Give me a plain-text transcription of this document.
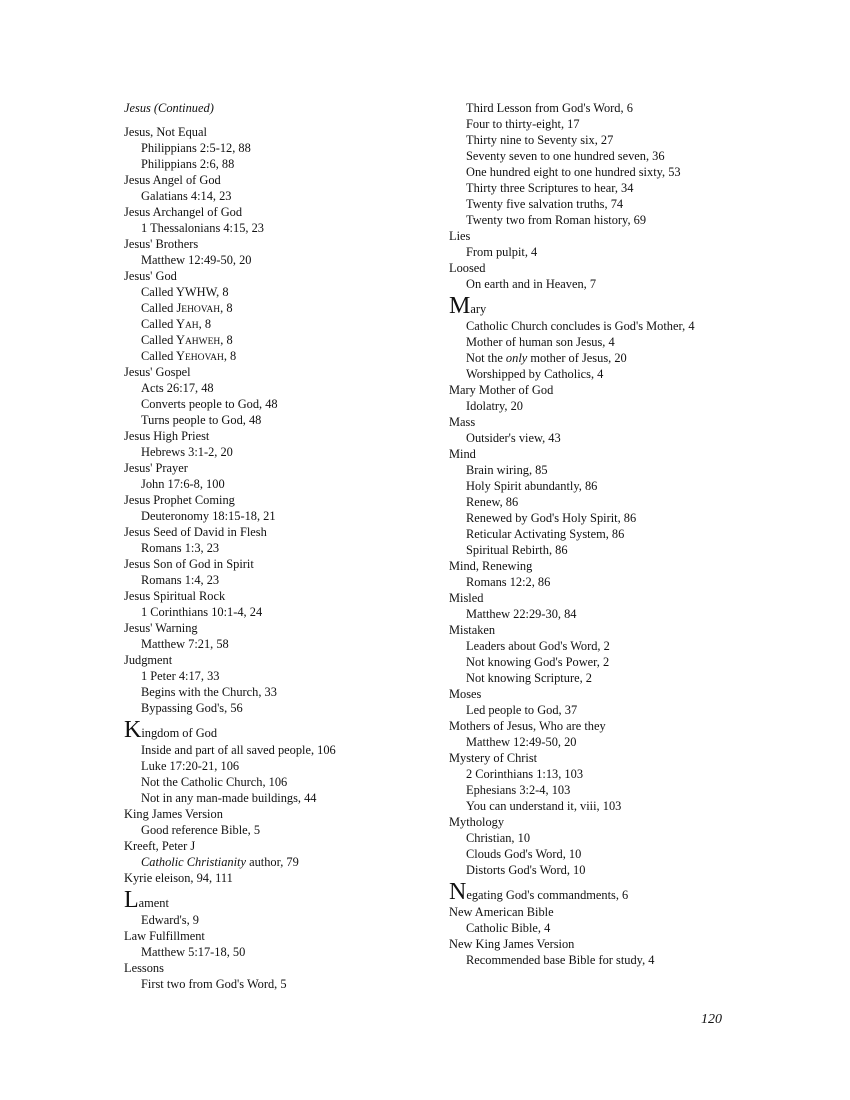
Jesus (Continued)
Jesus, Not Equal
Philippians 2:5-12, 88
Philippians 2:6, 88
Jesus Angel of God
Galatians 4:14, 23
Jesus Archangel of God
1 Thessalonians 4:15, 23
Jesus' Brothers
Matthew 12:49-50, 20
Jesus' God
Called YWHW, 8
Called JEHOVAH, 8
Called YAH, 8
Called YAHWEH, 8
Called YEHOVAH, 8
Jesus' Gospel
Acts 26:17, 48
Converts people to God, 48
Turns people to God, 48
Jesus High Priest
Hebrews 3:1-2, 20
Jesus' Prayer
John 17:6-8, 100
Jesus Prophet Coming
Deuteronomy 18:15-18, 21
Jesus Seed of David in Flesh
Romans 1:3, 23
Jesus Son of God in Spirit
Romans 1:4, 23
Jesus Spiritual Rock
1 Corinthians 10:1-4, 24
Jesus' Warning
Matthew 7:21, 58
Judgment
1 Peter 4:17, 33
Begins with the Church, 33
Bypassing God's, 56
Kingdom of God
Inside and part of all saved people, 106
Luke 17:20-21, 106
Not the Catholic Church, 106
Not in any man-made buildings, 44
King James Version
Good reference Bible, 5
Kreeft, Peter J
Catholic Christianity author, 79
Kyrie eleison, 94, 111
Lament
Edward's, 9
Law Fulfillment
Matthew 5:17-18, 50
Lessons
First two from God's Word, 5
Third Lesson from God's Word, 6
Four to thirty-eight, 17
Thirty nine to Seventy six, 27
Seventy seven to one hundred seven, 36
One hundred eight to one hundred sixty, 53
Thirty three Scriptures to hear, 34
Twenty five salvation truths, 74
Twenty two from Roman history, 69
Lies
From pulpit, 4
Loosed
On earth and in Heaven, 7
Mary
Catholic Church concludes is God's Mother, 4
Mother of human son Jesus, 4
Not the only mother of Jesus, 20
Worshipped by Catholics, 4
Mary Mother of God
Idolatry, 20
Mass
Outsider's view, 43
Mind
Brain wiring, 85
Holy Spirit abundantly, 86
Renew, 86
Renewed by God's Holy Spirit, 86
Reticular Activating System, 86
Spiritual Rebirth, 86
Mind, Renewing
Romans 12:2, 86
Misled
Matthew 22:29-30, 84
Mistaken
Leaders about God's Word, 2
Not knowing God's Power, 2
Not knowing Scripture, 2
Moses
Led people to God, 37
Mothers of Jesus, Who are they
Matthew 12:49-50, 20
Mystery of Christ
2 Corinthians 1:13, 103
Ephesians 3:2-4, 103
You can understand it, viii, 103
Mythology
Christian, 10
Clouds God's Word, 10
Distorts God's Word, 10
Negating God's commandments, 6
New American Bible
Catholic Bible, 4
New King James Version
Recommended base Bible for study, 4
120
